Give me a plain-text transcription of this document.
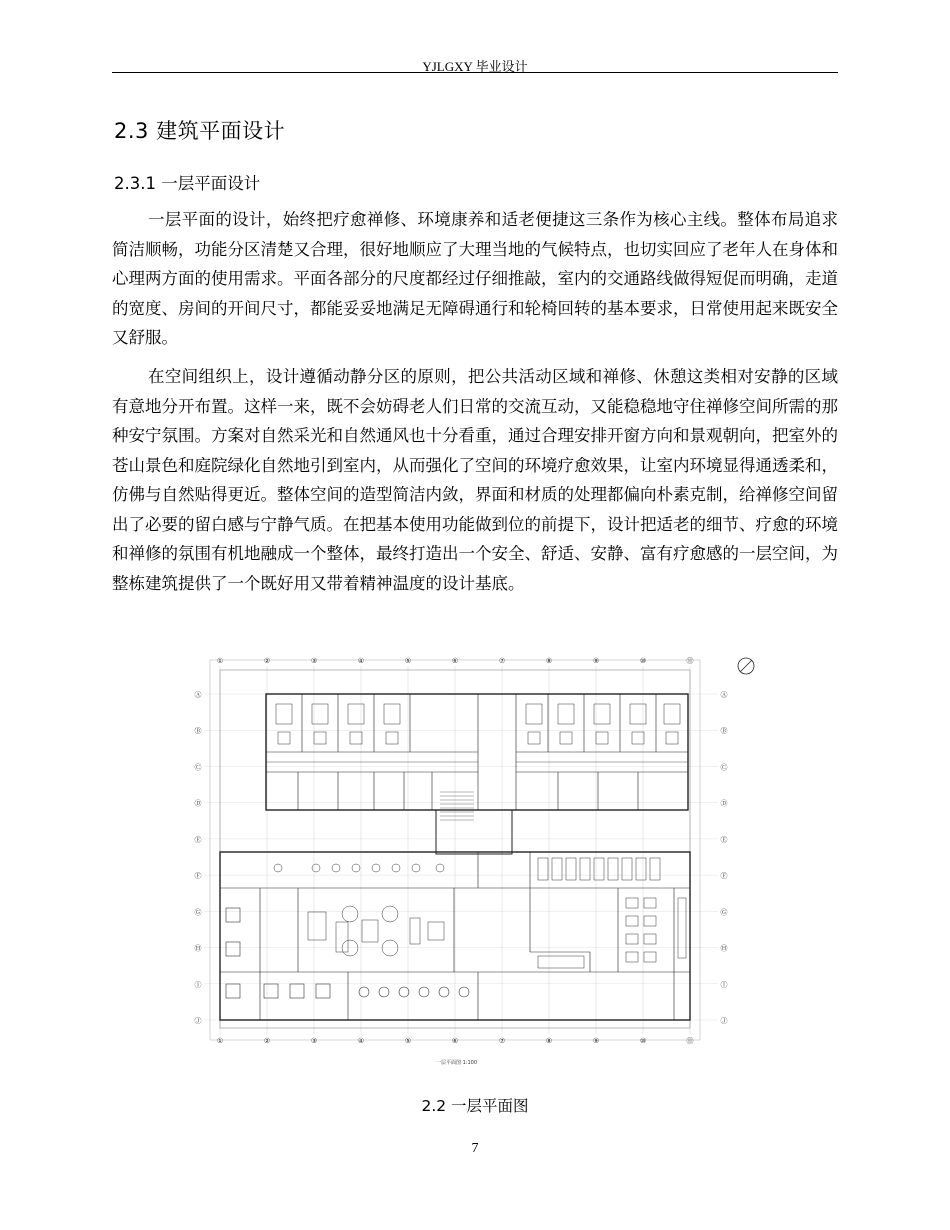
YJLGXY 毕业设计
2.3 建筑平面设计
2.3.1 一层平面设计

一层平面的设计，始终把疗愈禅修、环境康养和适老便捷这三条作为核心主线。整体布局追求简洁顺畅，功能分区清楚又合理，很好地顺应了大理当地的气候特点，也切实回应了老年人在身体和心理两方面的使用需求。平面各部分的尺度都经过仔细推敲，室内的交通路线做得短促而明确，走道的宽度、房间的开间尺寸，都能妥妥地满足无障碍通行和轮椅回转的基本要求，日常使用起来既安全又舒服。

在空间组织上，设计遵循动静分区的原则，把公共活动区域和禅修、休憩这类相对安静的区域有意地分开布置。这样一来，既不会妨碍老人们日常的交流互动，又能稳稳地守住禅修空间所需的那种安宁氛围。方案对自然采光和自然通风也十分看重，通过合理安排开窗方向和景观朝向，把室外的苍山景色和庭院绿化自然地引到室内，从而强化了空间的环境疗愈效果，让室内环境显得通透柔和，仿佛与自然贴得更近。整体空间的造型简洁内敛，界面和材质的处理都偏向朴素克制，给禅修空间留出了必要的留白感与宁静气质。在把基本使用功能做到位的前提下，设计把适老的细节、疗愈的环境和禅修的氛围有机地融成一个整体，最终打造出一个安全、舒适、安静、富有疗愈感的一层空间，为整栋建筑提供了一个既好用又带着精神温度的设计基底。

一层平面图 1:100
①
①
②
②
③
③
④
④
⑤
⑤
⑥
⑥
⑦
⑦
⑧
⑧
⑨
⑨
⑩
⑩
⑪
⑪
Ⓐ	Ⓐ
Ⓑ	Ⓑ
Ⓒ	Ⓒ
Ⓓ	Ⓓ
Ⓔ	Ⓔ
Ⓕ	Ⓕ
Ⓖ	Ⓖ
Ⓗ	Ⓗ
Ⓘ	Ⓘ
Ⓙ	Ⓙ
2.2 一层平面图
7
